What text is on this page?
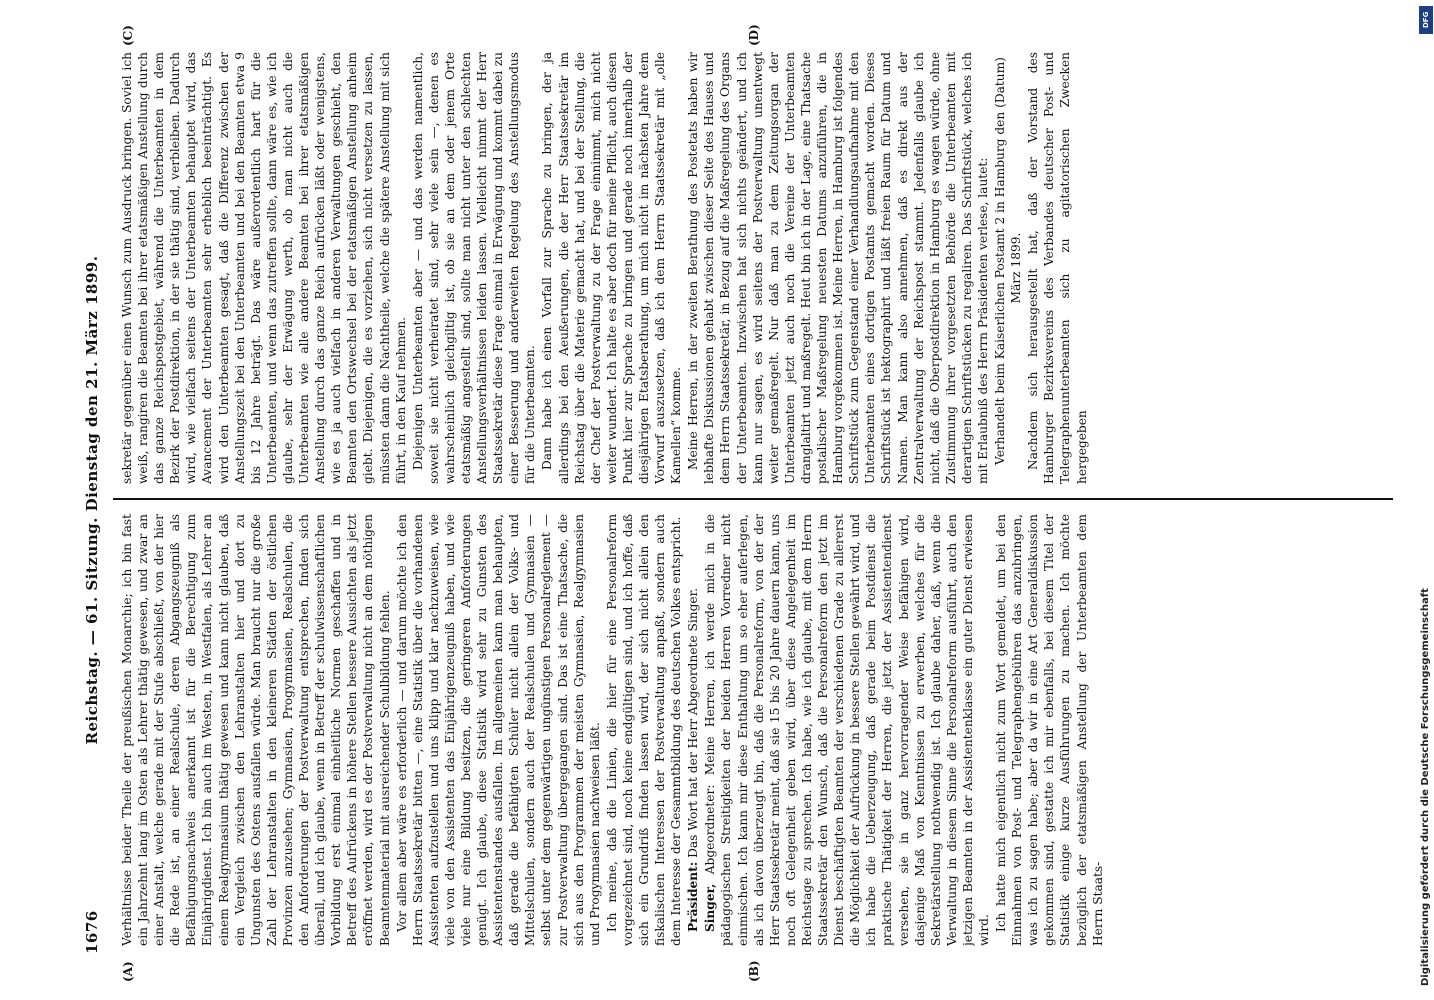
1676
Reichstag. — 61. Sitzung. Dienstag den 21. März 1899.
(A)	(B)
(C)	(D)

Verhältnisse beider Theile der preußischen Monarchie; ich bin fast ein Jahrzehnt lang im Osten als Lehrer thätig gewesen, und zwar an einer Anstalt, welche gerade mit der Stufe abschließt, von der hier die Rede ist, an einer Realschule, deren Abgangszeugniß als Befähigungsnachweis anerkannt ist für die Berechtigung zum Einjährigdienst. Ich bin auch im Westen, in Westfalen, als Lehrer an einem Realgymnasium thätig gewesen und kann nicht glauben, daß ein Vergleich zwischen den Lehranstalten hier und dort zu Ungunsten des Ostens ausfallen würde. Man braucht nur die große Zahl der Lehranstalten in den kleineren Städten der östlichen Provinzen anzusehen; Gymnasien, Progymnasien, Realschulen, die den Anforderungen der Postverwaltung entsprechen, finden sich überall, und ich glaube, wenn in Betreff der schulwissenschaftlichen Vorbildung erst einmal einheitliche Normen geschaffen und in Betreff des Aufrückens in höhere Stellen bessere Aussichten als jetzt eröffnet werden, wird es der Postverwaltung nicht an dem nöthigen Beamtenmaterial mit ausreichender Schulbildung fehlen. Vor allem aber wäre es erforderlich — und darum möchte ich den Herrn Staatssekretär bitten —, eine Statistik über die vorhandenen Assistenten aufzustellen und uns klipp und klar nachzuweisen, wie viele von den Assistenten das Einjährigenzeugniß haben, und wie viele nur eine Bildung besitzen, die geringeren Anforderungen genügt. Ich glaube, diese Statistik wird sehr zu Gunsten des Assistentenstandes ausfallen. Im allgemeinen kann man behaupten, daß gerade die befähigten Schüler nicht allein der Volks- und Mittelschulen, sondern auch der Realschulen und Gymnasien — selbst unter dem gegenwärtigen ungünstigen Personalreglement — zur Postverwaltung übergegangen sind. Das ist eine Thatsache, die sich aus den Programmen der meisten Gymnasien, Realgymnasien und Progymnasien nachweisen läßt. Ich meine, daß die Linien, die hier für eine Personalreform vorgezeichnet sind, noch keine endgültigen sind, und ich hoffe, daß sich ein Grundriß finden lassen wird, der sich nicht allein den fiskalischen Interessen der Postverwaltung anpaßt, sondern auch dem Interesse der Gesammtbildung des deutschen Volkes entspricht. Präsident: Das Wort hat der Herr Abgeordnete Singer.

Singer, Abgeordneter: Meine Herren, ich werde mich in die pädagogischen Streitigkeiten der beiden Herren Vorredner nicht einmischen. Ich kann mir diese Enthaltung um so eher auferlegen, als ich davon überzeugt bin, daß die Personalreform, von der der Herr Staatssekretär meint, daß sie 15 bis 20 Jahre dauern kann, uns noch oft Gelegenheit geben wird, über diese Angelegenheit im Reichstage zu sprechen. Ich habe, wie ich glaube, mit dem Herrn Staatssekretär den Wunsch, daß die Personalreform den jetzt im Dienst beschäftigten Beamten der verschiedenen Grade zu allererst die Möglichkeit der Aufrückung in bessere Stellen gewährt wird, und ich habe die Ueberzeugung, daß gerade beim Postdienst die praktische Thätigkeit der Herren, die jetzt der Assistentendienst versehen, sie in ganz hervorragender Weise befähigen wird, dasjenige Maß von Kenntnissen zu erwerben, welches für die Sekretärstellung nothwendig ist. Ich glaube daher, daß, wenn die Verwaltung in diesem Sinne die Personalreform ausführt, auch den jetzigen Beamten in der Assistentenklasse ein guter Dienst erwiesen wird. Ich hatte mich eigentlich nicht zum Wort gemeldet, um bei den Einnahmen von Post- und Telegraphengebühren das anzubringen, was ich zu sagen habe; aber da wir in eine Art Generaldiskussion gekommen sind, gestatte ich mir ebenfalls, bei diesem Titel der Statistik einige kurze Ausführungen zu machen. Ich möchte bezüglich der etatsmäßigen Anstellung der Unterbeamten dem Herrn Staats-

sekretär gegenüber einen Wunsch zum Ausdruck bringen. Soviel ich weiß, rangiren die Beamten bei ihrer etatsmäßigen Anstellung durch das ganze Reichspostgebiet, während die Unterbeamten in dem Bezirk der Postdirektion, in der sie thätig sind, verbleiben. Dadurch wird, wie vielfach seitens der Unterbeamten behauptet wird, das Avancement der Unterbeamten sehr erheblich beeinträchtigt. Es wird den Unterbeamten gesagt, daß die Differenz zwischen der Anstellungszeit bei den Unterbeamten und bei den Beamten etwa 9 bis 12 Jahre beträgt. Das wäre außerordentlich hart für die Unterbeamten, und wenn das zutreffen sollte, dann wäre es, wie ich glaube, sehr der Erwägung werth, ob man nicht auch die Unterbeamten wie alle andere Beamten bei ihrer etatsmäßigen Anstellung durch das ganze Reich aufrücken läßt oder wenigstens, wie es ja auch vielfach in anderen Verwaltungen geschieht, den Beamten den Ortswechsel bei der etatsmäßigen Anstellung anheim giebt. Diejenigen, die es vorziehen, sich nicht versetzen zu lassen, müssten dann die Nachtheile, welche die spätere Anstellung mit sich führt, in den Kauf nehmen. Diejenigen Unterbeamten aber — und das werden namentlich, soweit sie nicht verheiratet sind, sehr viele sein —, denen es wahrscheinlich gleichgiltig ist, ob sie an dem oder jenem Orte etatsmäßig angestellt sind, sollte man nicht unter den schlechten Anstellungsverhältnissen leiden lassen. Vielleicht nimmt der Herr Staatssekretär diese Frage einmal in Erwägung und kommt dabei zu einer Besserung und anderweiten Regelung des Anstellungsmodus für die Unterbeamten. Dann habe ich einen Vorfall zur Sprache zu bringen, der ja allerdings bei den Aeußerungen, die der Herr Staatssekretär im Reichstag über die Materie gemacht hat, und bei der Stellung, die der Chef der Postverwaltung zu der Frage einnimmt, mich nicht weiter wundert. Ich halte es aber doch für meine Pflicht, auch diesen Punkt hier zur Sprache zu bringen und gerade noch innerhalb der diesjährigen Etatsberathung, um mich nicht im nächsten Jahre dem Vorwurf auszusetzen, daß ich dem Herrn Staatssekretär mit „olle Kamellen“ komme. Meine Herren, in der zweiten Berathung des Postetats haben wir lebhafte Diskussionen gehabt zwischen dieser Seite des Hauses und dem Herrn Staatssekretär, in Bezug auf die Maßregelung des Organs der Unterbeamten. Inzwischen hat sich nichts geändert, und ich kann nur sagen, es wird seitens der Postverwaltung unentwegt weiter gemaßregelt. Nur daß man zu dem Zeitungsorgan der Unterbeamten jetzt auch noch die Vereine der Unterbeamten dranglaltirt und maßregelt. Heut bin ich in der Lage, eine Thatsache postalischer Maßregelung neuesten Datums anzuführen, die in Hamburg vorgekommen ist. Meine Herren, in Hamburg ist folgendes Schriftstück zum Gegenstand einer Verhandlungsaufnahme mit den Unterbeamten eines dortigen Postamts gemacht worden. Dieses Schriftstück ist hektographirt und läßt freien Raum für Datum und Namen. Man kann also annehmen, daß es direkt aus der Zentralverwaltung der Reichspost stammt. Jedenfalls glaube ich nicht, daß die Oberpostdirektion in Hamburg es wagen würde, ohne Zustimmung ihrer vorgesetzten Behörde die Unterbeamten mit derartigen Schriftstücken zu regaliren. Das Schriftstück, welches ich mit Erlaubniß des Herrn Präsidenten verlese, lautet: Verhandelt beim Kaiserlichen Postamt 2 in Hamburg den (Datum) März 1899. Nachdem sich herausgestellt hat, daß der Vorstand des Hamburger Bezirksvereins des Verbandes deutscher Post- und Telegraphenunterbeamten sich zu agitatorischen Zwecken hergegeben

DFG
Digitalisierung gefördert durch die Deutsche Forschungsgemeinschaft
